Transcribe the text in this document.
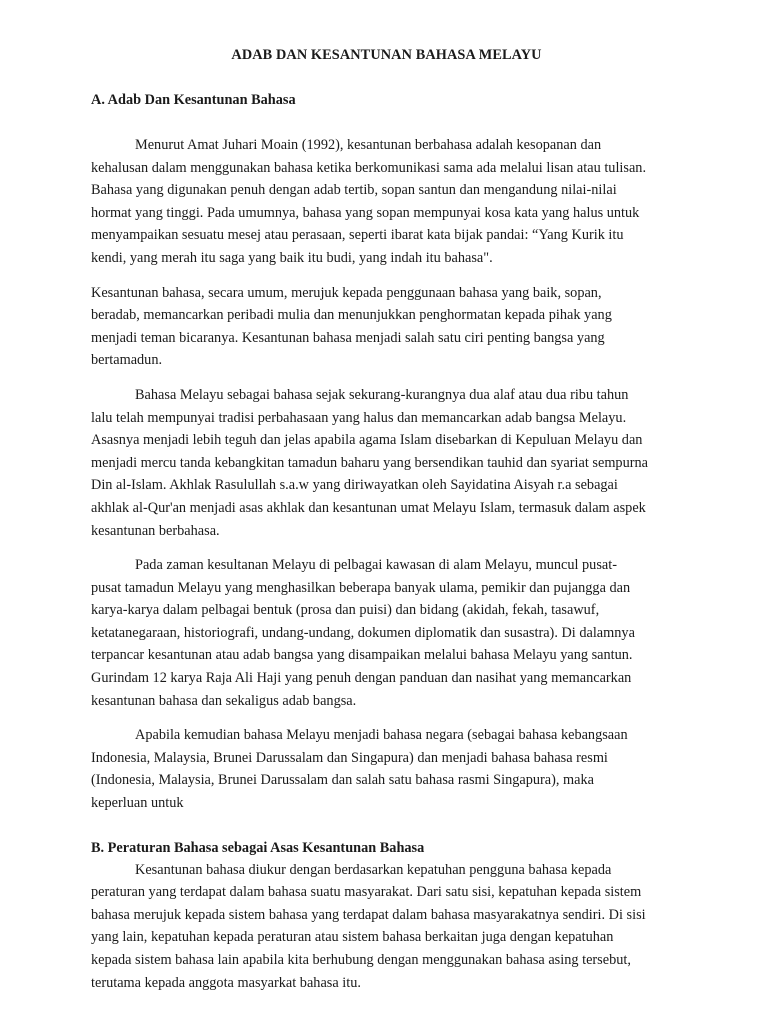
ADAB DAN KESANTUNAN BAHASA MELAYU
A. Adab Dan Kesantunan Bahasa

Menurut Amat Juhari Moain (1992), kesantunan berbahasa adalah kesopanan dan
kehalusan dalam menggunakan bahasa ketika berkomunikasi sama ada melalui lisan atau tulisan.
Bahasa yang digunakan penuh dengan adab tertib, sopan santun dan mengandung nilai-nilai
hormat yang tinggi. Pada umumnya, bahasa yang sopan mempunyai kosa kata yang halus untuk
menyampaikan sesuatu mesej atau perasaan, seperti ibarat kata bijak pandai: “Yang Kurik itu
kendi, yang merah itu saga yang baik itu budi, yang indah itu bahasa".

Kesantunan bahasa, secara umum, merujuk kepada penggunaan bahasa yang baik, sopan,
beradab, memancarkan peribadi mulia dan menunjukkan penghormatan kepada pihak yang
menjadi teman bicaranya. Kesantunan bahasa menjadi salah satu ciri penting bangsa yang
bertamadun.

Bahasa Melayu sebagai bahasa sejak sekurang-kurangnya dua alaf atau dua ribu tahun
lalu telah mempunyai tradisi perbahasaan yang halus dan memancarkan adab bangsa Melayu.
Asasnya menjadi lebih teguh dan jelas apabila agama Islam disebarkan di Kepuluan Melayu dan
menjadi mercu tanda kebangkitan tamadun baharu yang bersendikan tauhid dan syariat sempurna
Din al-Islam. Akhlak Rasulullah s.a.w yang diriwayatkan oleh Sayidatina Aisyah r.a sebagai
akhlak al-Qur'an menjadi asas akhlak dan kesantunan umat Melayu Islam, termasuk dalam aspek
kesantunan berbahasa.

Pada zaman kesultanan Melayu di pelbagai kawasan di alam Melayu, muncul pusat-
pusat tamadun Melayu yang menghasilkan beberapa banyak ulama, pemikir dan pujangga dan
karya-karya dalam pelbagai bentuk (prosa dan puisi) dan bidang (akidah, fekah, tasawuf,
ketatanegaraan, historiografi, undang-undang, dokumen diplomatik dan susastra). Di dalamnya
terpancar kesantunan atau adab bangsa yang disampaikan melalui bahasa Melayu yang santun.
Gurindam 12 karya Raja Ali Haji yang penuh dengan panduan dan nasihat yang memancarkan
kesantunan bahasa dan sekaligus adab bangsa.

Apabila kemudian bahasa Melayu menjadi bahasa negara (sebagai bahasa kebangsaan
Indonesia, Malaysia, Brunei Darussalam dan Singapura) dan menjadi bahasa bahasa resmi
(Indonesia, Malaysia, Brunei Darussalam dan salah satu bahasa rasmi Singapura), maka
keperluan untuk

B. Peraturan Bahasa sebagai Asas Kesantunan Bahasa

Kesantunan bahasa diukur dengan berdasarkan kepatuhan pengguna bahasa kepada
peraturan yang terdapat dalam bahasa suatu masyarakat. Dari satu sisi, kepatuhan kepada sistem
bahasa merujuk kepada sistem bahasa yang terdapat dalam bahasa masyarakatnya sendiri. Di sisi
yang lain, kepatuhan kepada peraturan atau sistem bahasa berkaitan juga dengan kepatuhan
kepada sistem bahasa lain apabila kita berhubung dengan menggunakan bahasa asing tersebut,
terutama kepada anggota masyarkat bahasa itu.
